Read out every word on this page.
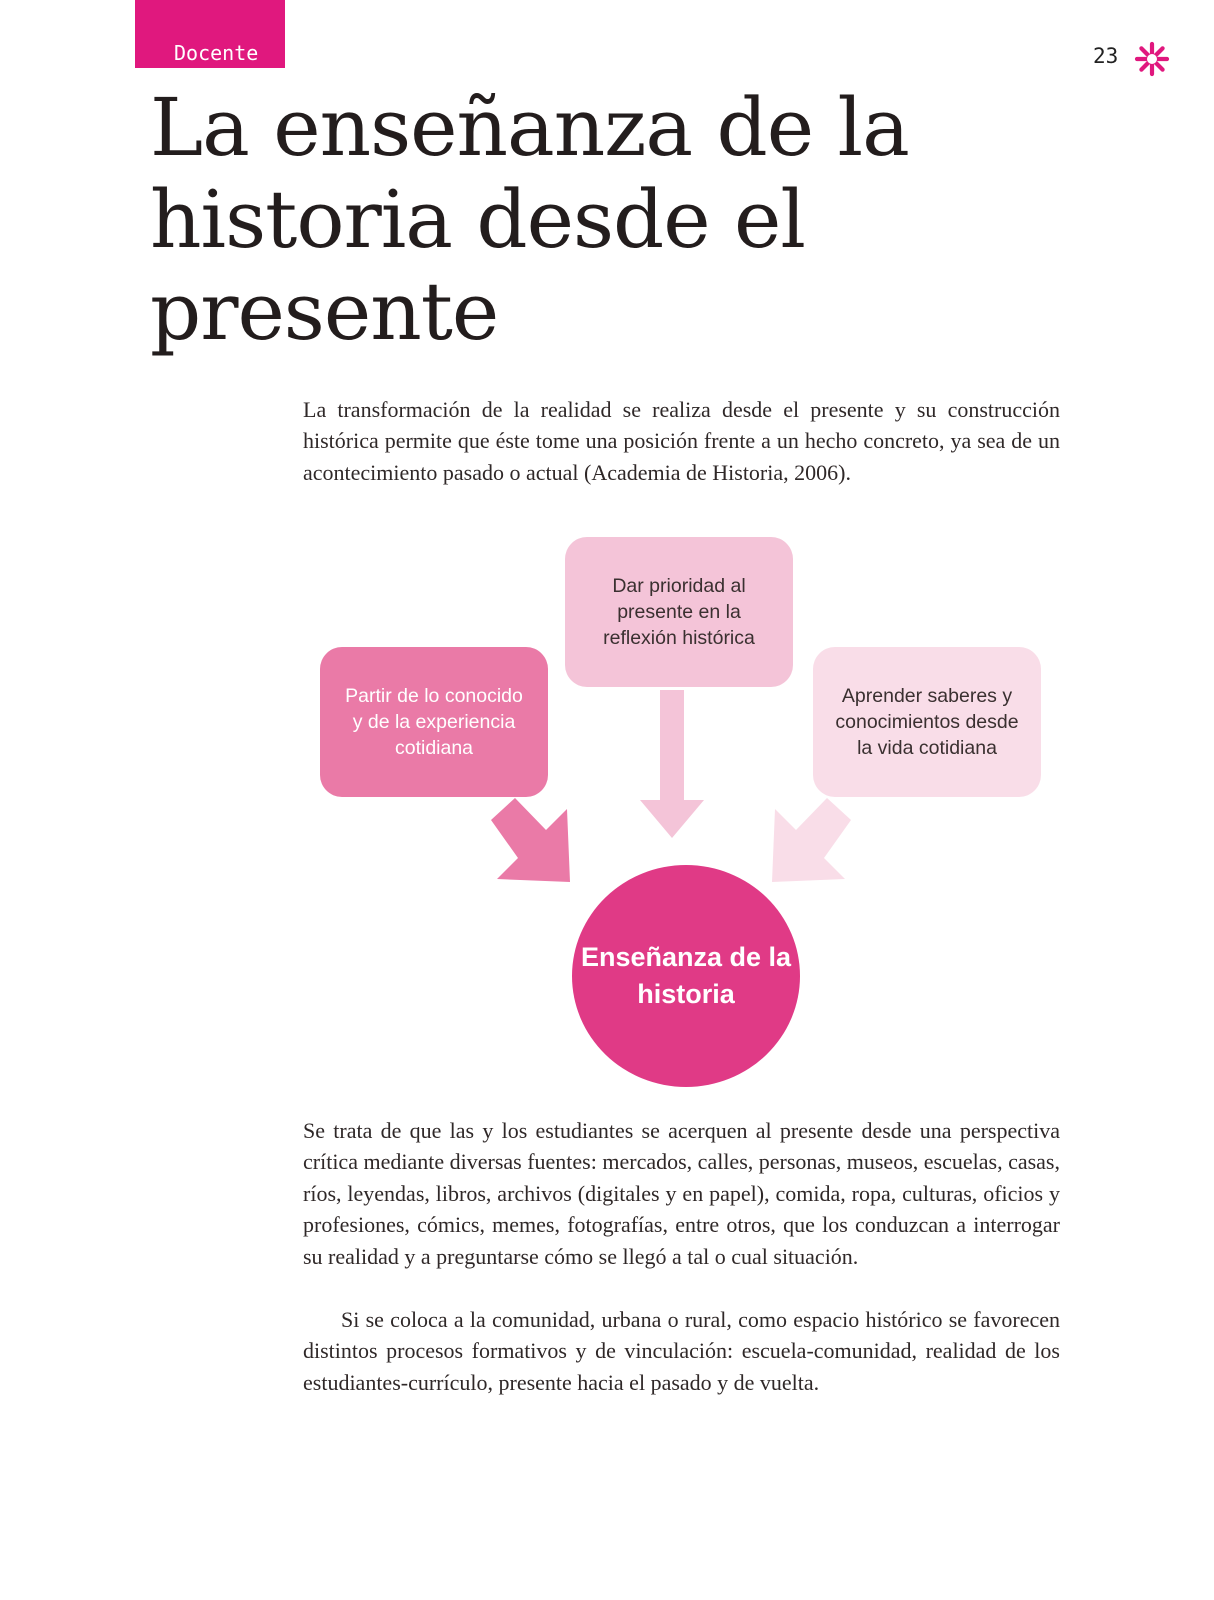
Docente	23
La enseñanza de la historia desde el presente

La transformación de la realidad se realiza desde el presente y su construcción histórica permite que éste tome una posición frente a un hecho concreto, ya sea de un acontecimiento pasado o actual (Academia de Historia, 2006).

Partir de lo conocido y de la experiencia cotidiana
Dar prioridad al presente en la reflexión histórica
Aprender saberes y conocimientos desde la vida cotidiana
Enseñanza de la historia

Se trata de que las y los estudiantes se acerquen al presente desde una perspectiva crítica mediante diversas fuentes: mercados, calles, personas, museos, escuelas, casas, ríos, leyendas, libros, archivos (digitales y en papel), comida, ropa, culturas, oficios y profesiones, cómics, memes, fotografías, entre otros, que los conduzcan a interrogar su realidad y a preguntarse cómo se llegó a tal o cual situación.

Si se coloca a la comunidad, urbana o rural, como espacio histórico se favorecen distintos procesos formativos y de vinculación: escuela-comunidad, realidad de los estudiantes-currículo, presente hacia el pasado y de vuelta.
